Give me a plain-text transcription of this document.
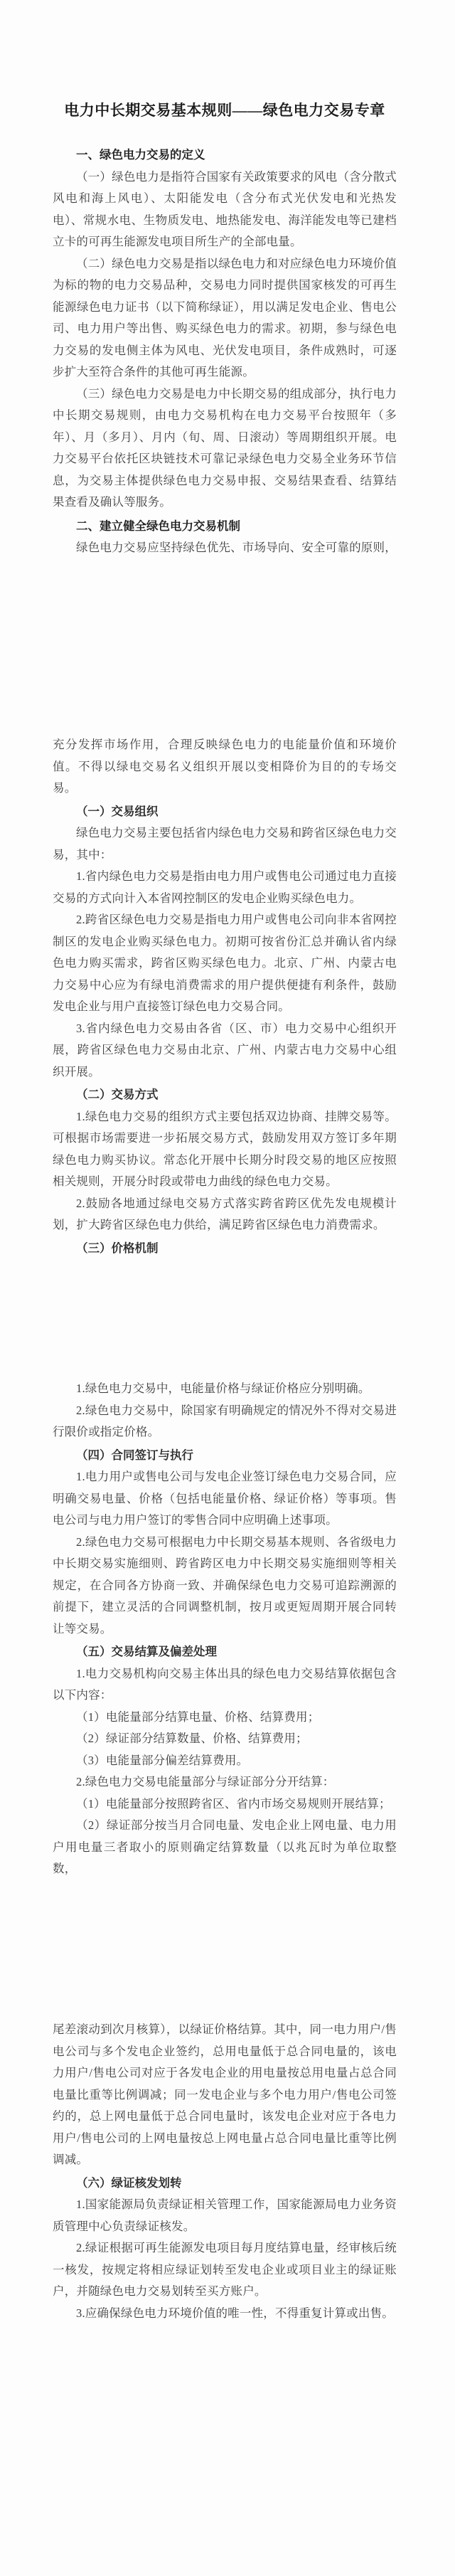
电力中长期交易基本规则——绿色电力交易专章
一、绿色电力交易的定义

（一）绿色电力是指符合国家有关政策要求的风电（含分散式风电和海上风电）、太阳能发电（含分布式光伏发电和光热发电）、常规水电、生物质发电、地热能发电、海洋能发电等已建档立卡的可再生能源发电项目所生产的全部电量。

（二）绿色电力交易是指以绿色电力和对应绿色电力环境价值为标的物的电力交易品种，交易电力同时提供国家核发的可再生能源绿色电力证书（以下简称绿证），用以满足发电企业、售电公司、电力用户等出售、购买绿色电力的需求。初期，参与绿色电力交易的发电侧主体为风电、光伏发电项目，条件成熟时，可逐步扩大至符合条件的其他可再生能源。

（三）绿色电力交易是电力中长期交易的组成部分，执行电力中长期交易规则，由电力交易机构在电力交易平台按照年（多年）、月（多月）、月内（旬、周、日滚动）等周期组织开展。电力交易平台依托区块链技术可靠记录绿色电力交易全业务环节信息，为交易主体提供绿色电力交易申报、交易结果查看、结算结果查看及确认等服务。

二、建立健全绿色电力交易机制

绿色电力交易应坚持绿色优先、市场导向、安全可靠的原则，

充分发挥市场作用，合理反映绿色电力的电能量价值和环境价值。不得以绿电交易名义组织开展以变相降价为目的的专场交易。

（一）交易组织

绿色电力交易主要包括省内绿色电力交易和跨省区绿色电力交易，其中：

1.省内绿色电力交易是指由电力用户或售电公司通过电力直接交易的方式向计入本省网控制区的发电企业购买绿色电力。

2.跨省区绿色电力交易是指电力用户或售电公司向非本省网控制区的发电企业购买绿色电力。初期可按省份汇总并确认省内绿色电力购买需求，跨省区购买绿色电力。北京、广州、内蒙古电力交易中心应为有绿电消费需求的用户提供便捷有利条件，鼓励发电企业与用户直接签订绿色电力交易合同。

3.省内绿色电力交易由各省（区、市）电力交易中心组织开展，跨省区绿色电力交易由北京、广州、内蒙古电力交易中心组织开展。

（二）交易方式

1.绿色电力交易的组织方式主要包括双边协商、挂牌交易等。可根据市场需要进一步拓展交易方式，鼓励发用双方签订多年期绿色电力购买协议。常态化开展中长期分时段交易的地区应按照相关规则，开展分时段或带电力曲线的绿色电力交易。

2.鼓励各地通过绿电交易方式落实跨省跨区优先发电规模计划，扩大跨省区绿色电力供给，满足跨省区绿色电力消费需求。

（三）价格机制

1.绿色电力交易中，电能量价格与绿证价格应分别明确。

2.绿色电力交易中，除国家有明确规定的情况外不得对交易进行限价或指定价格。

（四）合同签订与执行

1.电力用户或售电公司与发电企业签订绿色电力交易合同，应明确交易电量、价格（包括电能量价格、绿证价格）等事项。售电公司与电力用户签订的零售合同中应明确上述事项。

2.绿色电力交易可根据电力中长期交易基本规则、各省级电力中长期交易实施细则、跨省跨区电力中长期交易实施细则等相关规定，在合同各方协商一致、并确保绿色电力交易可追踪溯源的前提下，建立灵活的合同调整机制，按月或更短周期开展合同转让等交易。

（五）交易结算及偏差处理

1.电力交易机构向交易主体出具的绿色电力交易结算依据包含以下内容：

（1）电能量部分结算电量、价格、结算费用；

（2）绿证部分结算数量、价格、结算费用；

（3）电能量部分偏差结算费用。

2.绿色电力交易电能量部分与绿证部分分开结算：

（1）电能量部分按照跨省区、省内市场交易规则开展结算；

（2）绿证部分按当月合同电量、发电企业上网电量、电力用户用电量三者取小的原则确定结算数量（以兆瓦时为单位取整数，

尾差滚动到次月核算），以绿证价格结算。其中，同一电力用户/售电公司与多个发电企业签约，总用电量低于总合同电量的，该电力用户/售电公司对应于各发电企业的用电量按总用电量占总合同电量比重等比例调减；同一发电企业与多个电力用户/售电公司签约的，总上网电量低于总合同电量时，该发电企业对应于各电力用户/售电公司的上网电量按总上网电量占总合同电量比重等比例调减。

（六）绿证核发划转

1.国家能源局负责绿证相关管理工作，国家能源局电力业务资质管理中心负责绿证核发。

2.绿证根据可再生能源发电项目每月度结算电量，经审核后统一核发，按规定将相应绿证划转至发电企业或项目业主的绿证账户，并随绿色电力交易划转至买方账户。

3.应确保绿色电力环境价值的唯一性，不得重复计算或出售。
